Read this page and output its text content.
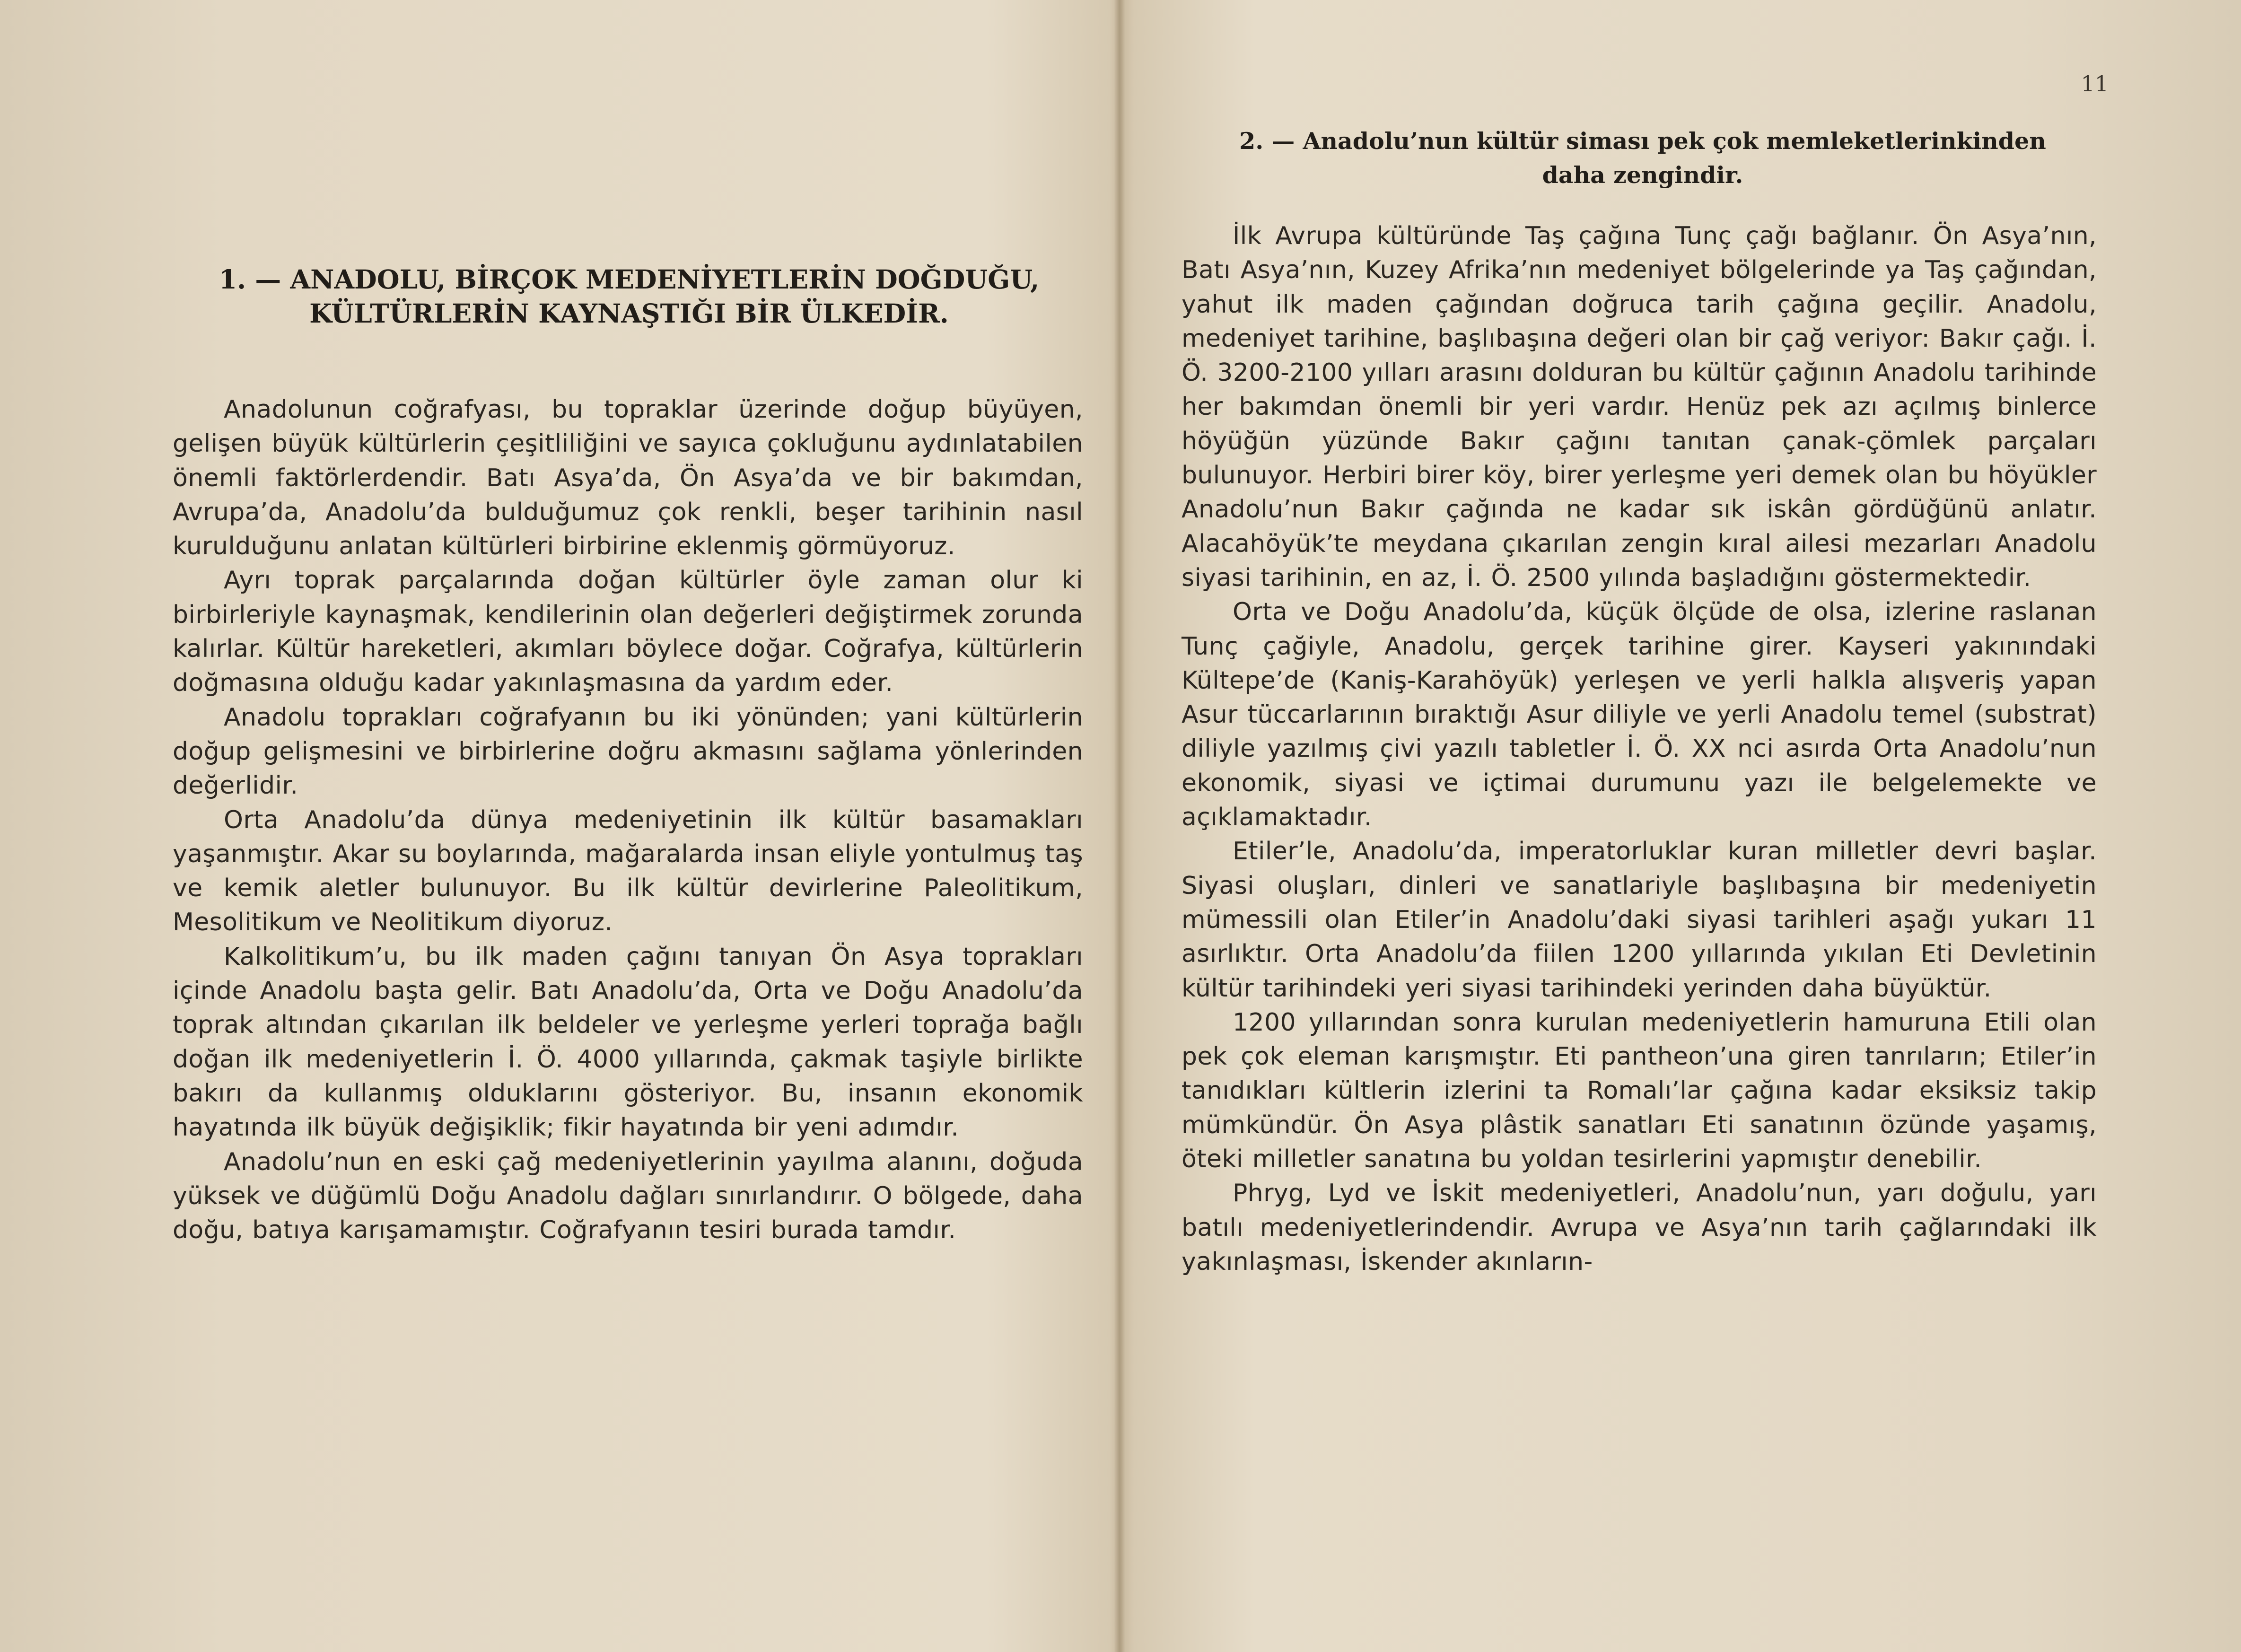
1. — ANADOLU, BİRÇOK MEDENİYETLERİN DOĞDUĞU, KÜLTÜRLERİN KAYNAŞTIĞI BİR ÜLKEDİR.

Anadolunun coğrafyası, bu topraklar üzerinde doğup büyüyen, gelişen büyük kültürlerin çeşitliliğini ve sayıca çokluğunu aydınlatabilen önemli faktörlerdendir. Batı Asya’da, Ön Asya’da ve bir bakımdan, Avrupa’da, Anadolu’da bulduğumuz çok renkli, beşer tarihinin nasıl kurulduğunu anlatan kültürleri birbirine eklenmiş görmüyoruz.

Ayrı toprak parçalarında doğan kültürler öyle zaman olur ki birbirleriyle kaynaşmak, kendilerinin olan değerleri değiştirmek zorunda kalırlar. Kültür hareketleri, akımları böylece doğar. Coğrafya, kültürlerin doğmasına olduğu kadar yakınlaşmasına da yardım eder.

Anadolu toprakları coğrafyanın bu iki yönünden; yani kültürlerin doğup gelişmesini ve birbirlerine doğru akmasını sağlama yönlerinden değerlidir.

Orta Anadolu’da dünya medeniyetinin ilk kültür basamakları yaşanmıştır. Akar su boylarında, mağaralarda insan eliyle yontulmuş taş ve kemik aletler bulunuyor. Bu ilk kültür devirlerine Paleolitikum, Mesolitikum ve Neolitikum diyoruz.

Kalkolitikum’u, bu ilk maden çağını tanıyan Ön Asya toprakları içinde Anadolu başta gelir. Batı Anadolu’da, Orta ve Doğu Anadolu’da toprak altından çıkarılan ilk beldeler ve yerleşme yerleri toprağa bağlı doğan ilk medeniyetlerin İ. Ö. 4000 yıllarında, çakmak taşiyle birlikte bakırı da kullanmış olduklarını gösteriyor. Bu, insanın ekonomik hayatında ilk büyük değişiklik; fikir hayatında bir yeni adımdır.

Anadolu’nun en eski çağ medeniyetlerinin yayılma alanını, doğuda yüksek ve düğümlü Doğu Anadolu dağları sınırlandırır. O bölgede, daha doğu, batıya karışamamıştır. Coğrafyanın tesiri burada tamdır.

11
2. — Anadolu’nun kültür siması pek çok memleketlerinkinden
daha zengindir.

İlk Avrupa kültüründe Taş çağına Tunç çağı bağlanır. Ön Asya’nın, Batı Asya’nın, Kuzey Afrika’nın medeniyet bölgelerinde ya Taş çağından, yahut ilk maden çağından doğruca tarih çağına geçilir. Anadolu, medeniyet tarihine, başlıbaşına değeri olan bir çağ veriyor: Bakır çağı. İ. Ö. 3200-2100 yılları arasını dolduran bu kültür çağının Anadolu tarihinde her bakımdan önemli bir yeri vardır. Henüz pek azı açılmış binlerce höyüğün yüzünde Bakır çağını tanıtan çanak-çömlek parçaları bulunuyor. Herbiri birer köy, birer yerleşme yeri demek olan bu höyükler Anadolu’nun Bakır çağında ne kadar sık iskân gördüğünü anlatır. Alacahöyük’te meydana çıkarılan zengin kıral ailesi mezarları Anadolu siyasi tarihinin, en az, İ. Ö. 2500 yılında başladığını göstermektedir.

Orta ve Doğu Anadolu’da, küçük ölçüde de olsa, izlerine raslanan Tunç çağiyle, Anadolu, gerçek tarihine girer. Kayseri yakınındaki Kültepe’de (Kaniş-Karahöyük) yerleşen ve yerli halkla alışveriş yapan Asur tüccarlarının bıraktığı Asur diliyle ve yerli Anadolu temel (substrat) diliyle yazılmış çivi yazılı tabletler İ. Ö. XX nci asırda Orta Anadolu’nun ekonomik, siyasi ve içtimai durumunu yazı ile belgelemekte ve açıklamaktadır.

Etiler’le, Anadolu’da, imperatorluklar kuran milletler devri başlar. Siyasi oluşları, dinleri ve sanatlariyle başlıbaşına bir medeniyetin mümessili olan Etiler’in Anadolu’daki siyasi tarihleri aşağı yukarı 11 asırlıktır. Orta Anadolu’da fiilen 1200 yıllarında yıkılan Eti Devletinin kültür tarihindeki yeri siyasi tarihindeki yerinden daha büyüktür.

1200 yıllarından sonra kurulan medeniyetlerin hamuruna Etili olan pek çok eleman karışmıştır. Eti pantheon’una giren tanrıların; Etiler’in tanıdıkları kültlerin izlerini ta Romalı’lar çağına kadar eksiksiz takip mümkündür. Ön Asya plâstik sanatları Eti sanatının özünde yaşamış, öteki milletler sanatına bu yoldan tesirlerini yapmıştır denebilir.

Phryg, Lyd ve İskit medeniyetleri, Anadolu’nun, yarı doğulu, yarı batılı medeniyetlerindendir. Avrupa ve Asya’nın tarih çağlarındaki ilk yakınlaşması, İskender akınların-
